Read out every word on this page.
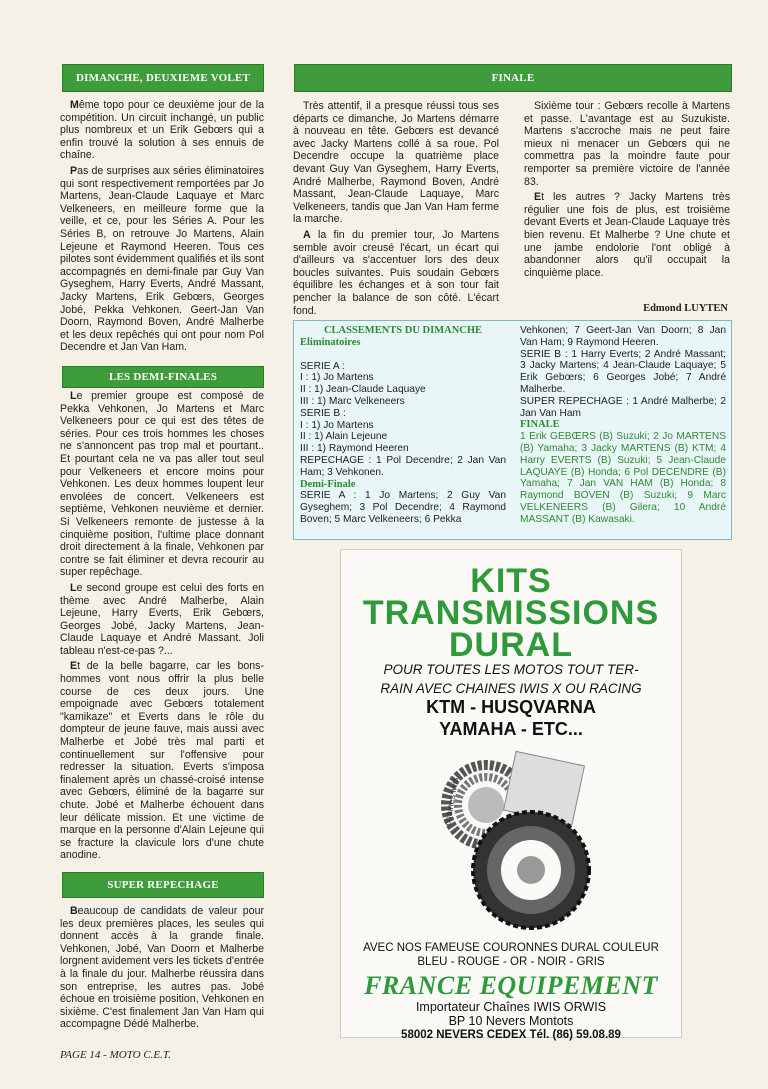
DIMANCHE, DEUXIEME VOLET	FINALE
LES DEMI-FINALES
SUPER REPECHAGE

Même topo pour ce deuxième jour de la compétition. Un circuit inchangé, un public plus nombreux et un Erik Gebœrs qui a enfin trouvé la solution à ses ennuis de chaîne.

Pas de surprises aux séries éliminatoires qui sont respectivement remportées par Jo Martens, Jean-Claude Laquaye et Marc Velkeneers, en meilleure forme que la veille, et ce, pour les Séries A. Pour les Séries B, on retrouve Jo Martens, Alain Lejeune et Raymond Heeren. Tous ces pilotes sont évidemment qualifiés et ils sont accompagnés en demi-finale par Guy Van Gyseghem, Harry Everts, André Massant, Jacky Martens, Erik Gebœrs, Georges Jobé, Pekka Vehkonen. Geert-Jan Van Doorn, Raymond Boven, André Malherbe et les deux repêchés qui ont pour nom Pol Decendre et Jan Van Ham.

Le premier groupe est composé de Pekka Vehkonen, Jo Martens et Marc Velkeneers pour ce qui est des têtes de séries. Pour ces trois hommes les choses ne s'annoncent pas trop mal et pourtant.. Et pourtant cela ne va pas aller tout seul pour Velkeneers et encore moins pour Vehkonen. Les deux hommes loupent leur envolées de concert. Velkeneers est septième, Vehkonen neuvième et dernier. Si Velkeneers remonte de justesse à la cinquième position, l'ultime place donnant droit directement à la finale, Vehkonen par contre se fait éliminer et devra recourir au super repêchage.

Le second groupe est celui des forts en thème avec André Malherbe, Alain Lejeune, Harry Everts, Erik Gebœrs, Georges Jobé, Jacky Martens, Jean-Claude Laquaye et André Massant. Joli tableau n'est-ce-pas ?...

Et de la belle bagarre, car les bons-hommes vont nous offrir la plus belle course de ces deux jours. Une empoignade avec Gebœrs totalement "kamikaze" et Everts dans le rôle du dompteur de jeune fauve, mais aussi avec Malherbe et Jobé très mal parti et continuellement sur l'offensive pour redresser la situation. Everts s'imposa finalement après un chassé-croisé intense avec Gebœrs, éliminé de la bagarre sur chute. Jobé et Malherbe échouent dans leur délicate mission. Et une victime de marque en la personne d'Alain Lejeune qui se fracture la clavicule lors d'une chute anodine.

Beaucoup de candidats de valeur pour les deux premières places, les seules qui donnent accès à la grande finale. Vehkonen, Jobé, Van Doorn et Malherbe lorgnent avidement vers les tickets d'entrée à la finale du jour. Malherbe réussira dans son entreprise, les autres pas. Jobé échoue en troisième position, Vehkonen en sixième. C'est finalement Jan Van Ham qui accompagne Dédé Malherbe.

Très attentif, il a presque réussi tous ses départs ce dimanche, Jo Martens démarre à nouveau en tête. Gebœrs est devancé avec Jacky Martens collé à sa roue. Pol Decendre occupe la quatrième place devant Guy Van Gyseghem, Harry Everts, André Malherbe, Raymond Boven, André Massant, Jean-Claude Laquaye, Marc Velkeneers, tandis que Jan Van Ham ferme la marche.

A la fin du premier tour, Jo Martens semble avoir creusé l'écart, un écart qui d'ailleurs va s'accentuer lors des deux boucles suivantes. Puis soudain Gebœrs équilibre les échanges et à son tour fait pencher la balance de son côté. L'écart fond.

Sixième tour : Gebœrs recolle à Martens et passe. L'avantage est au Suzukiste. Martens s'accroche mais ne peut faire mieux ni menacer un Gebœrs qui ne commettra pas la moindre faute pour remporter sa première victoire de l'année 83.

Et les autres ? Jacky Martens très régulier une fois de plus, est troisième devant Everts et Jean-Claude Laquaye très bien revenu. Et Malherbe ? Une chute et une jambe endolorie l'ont obligé à abandonner alors qu'il occupait la cinquième place.

Edmond LUYTEN
CLASSEMENTS DU DIMANCHE
Eliminatoires
SERIE A :
I : 1) Jo Martens
II : 1) Jean-Claude Laquaye
III : 1) Marc Velkeneers
SERIE B :
I : 1) Jo Martens
II : 1) Alain Lejeune
III : 1) Raymond Heeren
REPECHAGE : 1 Pol Decendre; 2 Jan Van Ham; 3 Vehkonen.
Demi-Finale
SERIE A : 1 Jo Martens; 2 Guy Van Gyseghem; 3 Pol Decendre; 4 Raymond Boven; 5 Marc Velkeneers; 6 Pekka
Vehkonen; 7 Geert-Jan Van Doorn; 8 Jan Van Ham; 9 Raymond Heeren.
SERIE B : 1 Harry Everts; 2 André Massant; 3 Jacky Martens; 4 Jean-Claude Laquaye; 5 Erik Gebœrs; 6 Georges Jobé; 7 André Malherbe.
SUPER REPECHAGE : 1 André Malherbe; 2 Jan Van Ham
FINALE
1 Erik GEBŒRS (B) Suzuki; 2 Jo MARTENS (B) Yamaha; 3 Jacky MARTENS (B) KTM; 4 Harry EVERTS (B) Suzuki; 5 Jean-Claude LAQUAYE (B) Honda; 6 Pol DECENDRE (B) Yamaha; 7 Jan VAN HAM (B) Honda; 8 Raymond BOVEN (B) Suzuki; 9 Marc VELKENEERS (B) Gilera; 10 André MASSANT (B) Kawasaki.
KITS
TRANSMISSIONS
DURAL
POUR TOUTES LES MOTOS TOUT TER-
RAIN AVEC CHAINES IWIS X OU RACING
KTM - HUSQVARNA
YAMAHA - ETC...
chaines iwis
AVEC NOS FAMEUSE COURONNES DURAL COULEUR
BLEU - ROUGE - OR - NOIR - GRIS
FRANCE EQUIPEMENT
Importateur Chaînes IWIS ORWIS
BP 10 Nevers Montots
58002 NEVERS CEDEX Tél. (86) 59.08.89
PAGE 14 - MOTO C.E.T.
